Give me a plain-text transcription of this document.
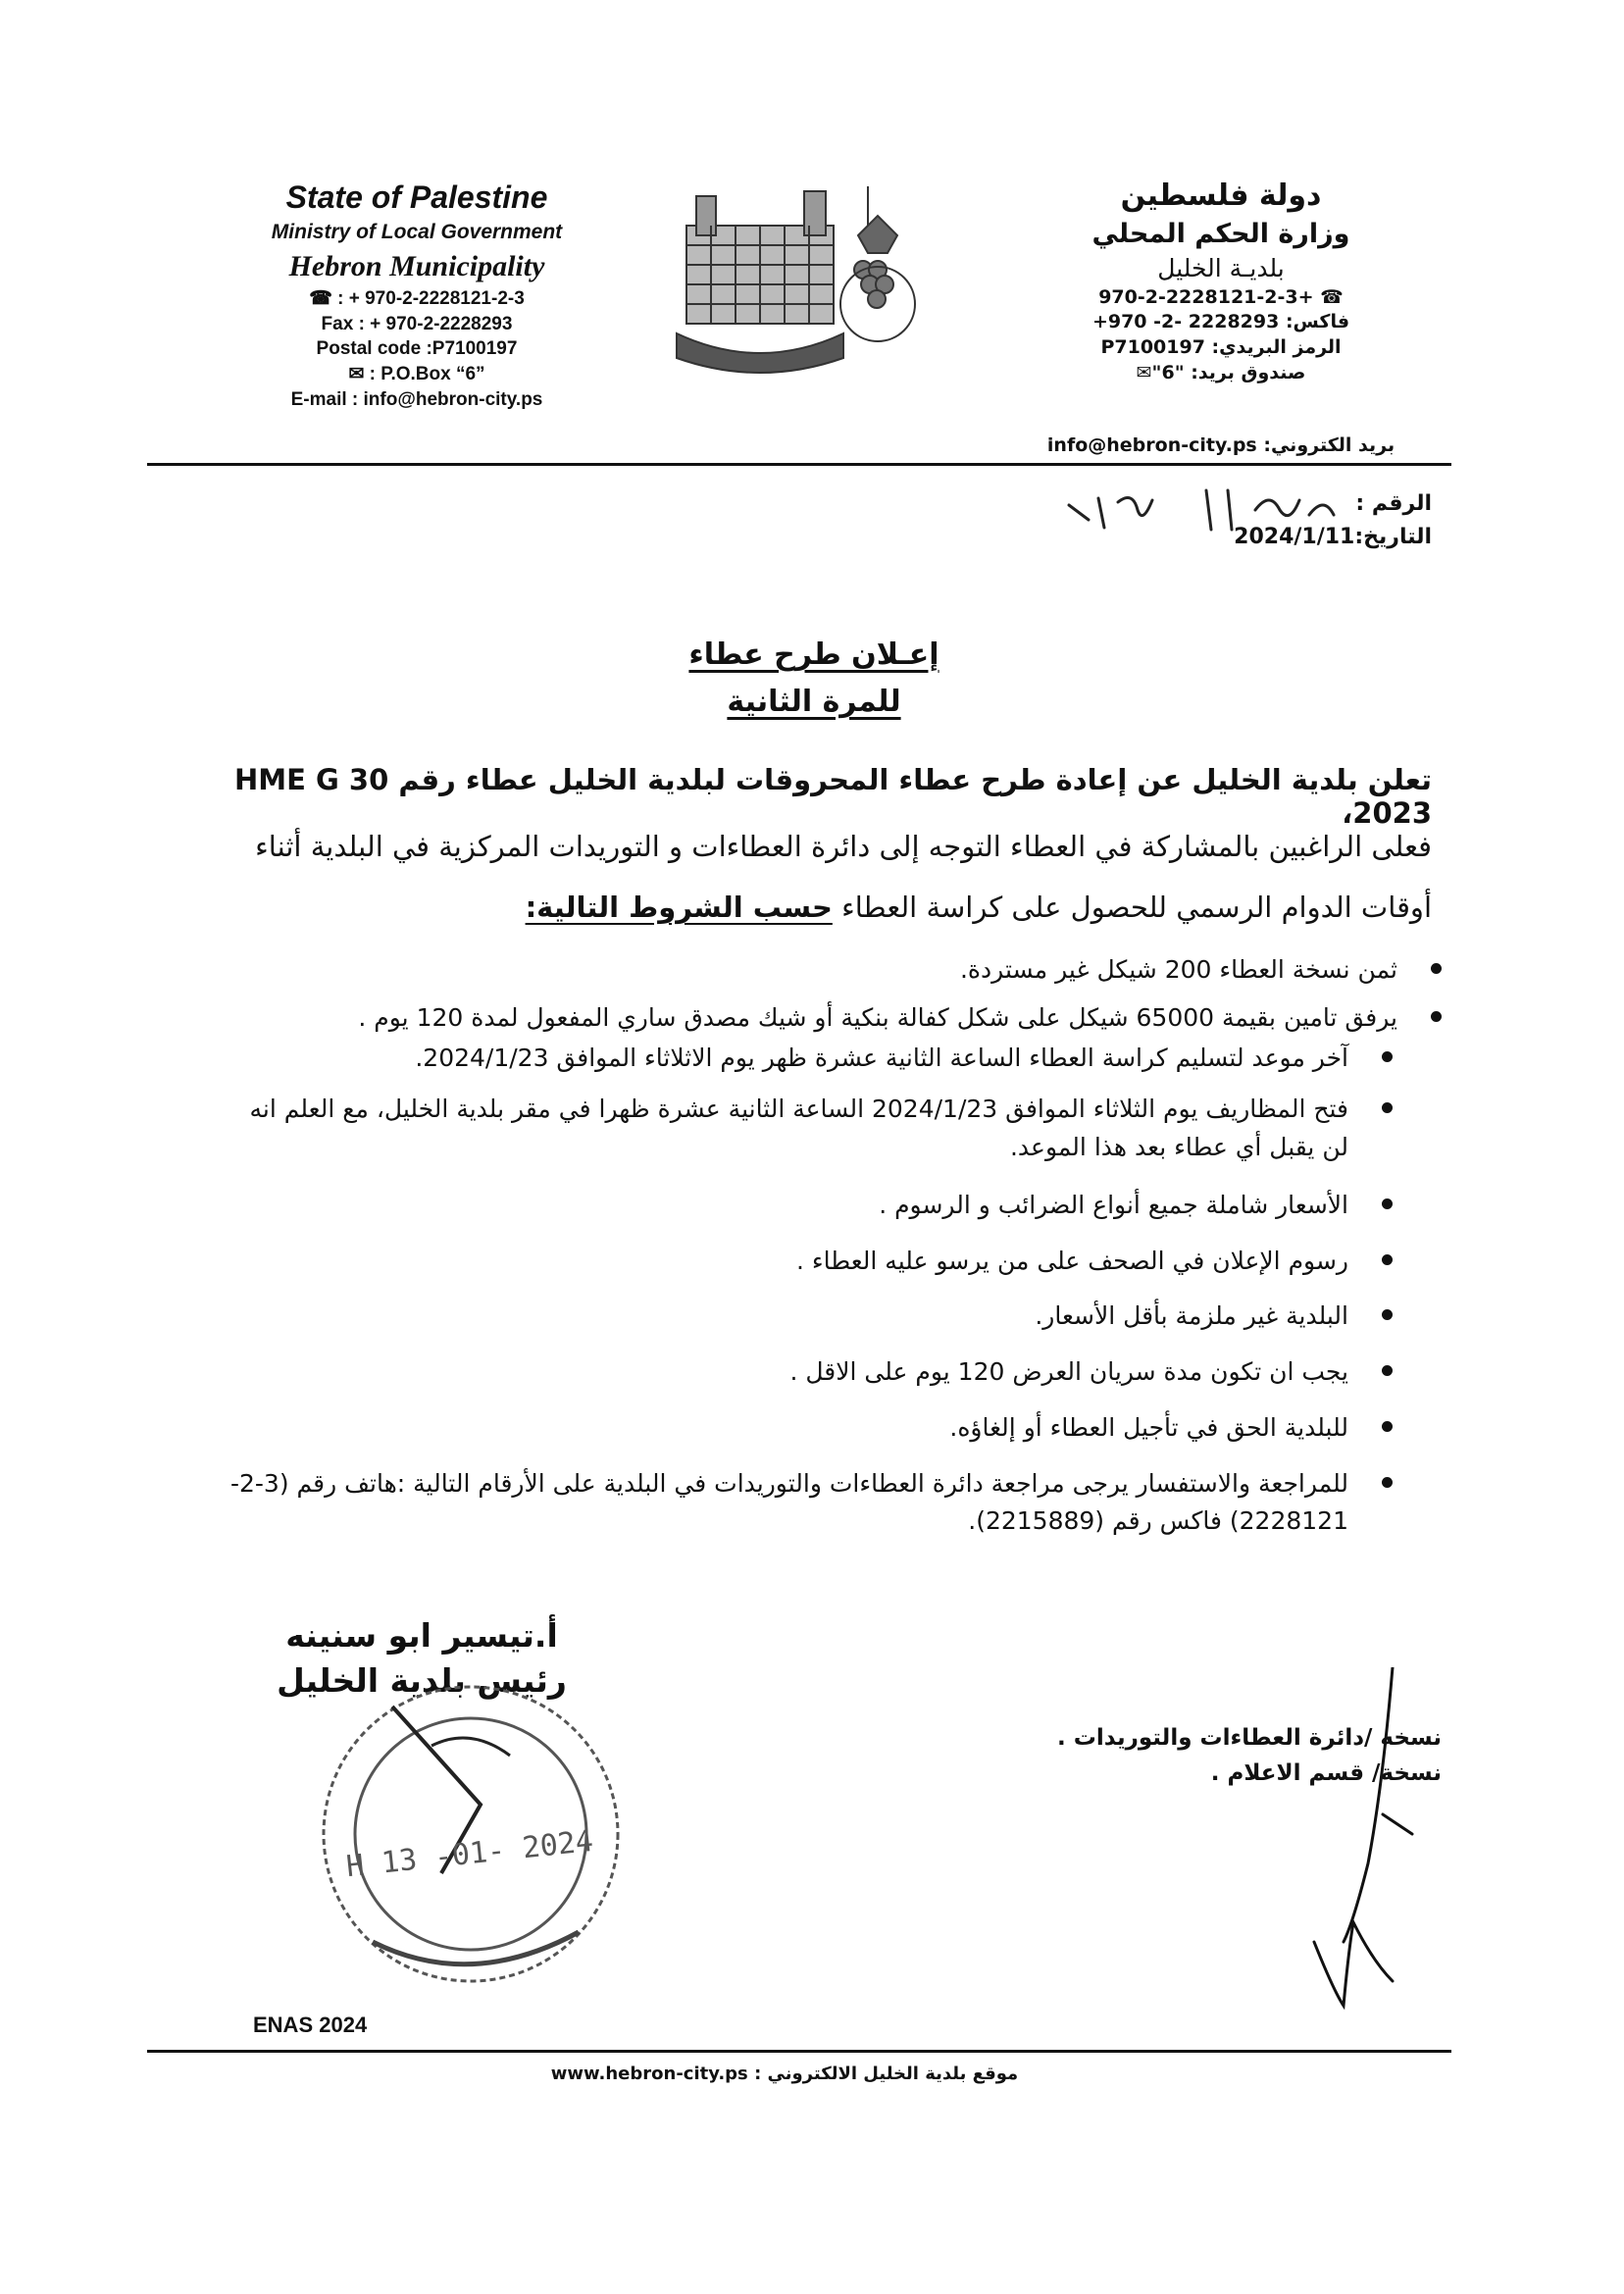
State of Palestine
Ministry of Local Government
Hebron Municipality
☎ : + 970-2-2228121-2-3
Fax : + 970-2-2228293
Postal code :P7100197
✉ : P.O.Box “6”
E-mail : info@hebron-city.ps
دولة فلسطين
وزارة الحكم المحلي
بلديـة الخليل
☎ +970-2-2228121-2-3
فاكس: 2228293 -2- 970+
الرمز البريدي: P7100197
صندوق بريد: "6"✉
بريد الكتروني: info@hebron-city.ps
الرقم :
التاريخ:2024/1/11
إعـلان طرح عطاء
للمرة الثانية
تعلن بلدية الخليل عن إعادة طرح عطاء المحروقات لبلدية الخليل عطاء رقم HME G 30 2023،
فعلى الراغبين بالمشاركة في العطاء التوجه إلى دائرة العطاءات و التوريدات المركزية في البلدية أثناء
أوقات الدوام الرسمي للحصول على كراسة العطاء حسب الشروط التالية:
ثمن نسخة العطاء 200 شيكل غير مستردة.
يرفق تامين بقيمة 65000 شيكل على شكل كفالة بنكية أو شيك مصدق ساري المفعول لمدة 120 يوم .
آخر موعد لتسليم كراسة العطاء الساعة الثانية عشرة ظهر يوم الاثلاثاء الموافق 2024/1/23.
فتح المظاريف يوم الثلاثاء الموافق 2024/1/23 الساعة الثانية عشرة ظهرا في مقر بلدية الخليل، مع العلم انه لن يقبل أي عطاء بعد هذا الموعد.
الأسعار شاملة جميع أنواع الضرائب و الرسوم .
رسوم الإعلان في الصحف على من يرسو عليه العطاء .
البلدية غير ملزمة بأقل الأسعار.
يجب ان تكون مدة سريان العرض 120 يوم على الاقل .
للبلدية الحق في تأجيل العطاء أو إلغاؤه.
للمراجعة والاستفسار يرجى مراجعة دائرة العطاءات والتوريدات في البلدية على الأرقام التالية :هاتف رقم (3-2-2228121) فاكس رقم (2215889).
أ.تيسير ابو سنينه
رئيس بلدية الخليل
H 13 -01- 2024
نسخه /دائرة العطاءات والتوريدات .
نسخة/ قسم الاعلام .
ENAS 2024
www.hebron-city.ps موقع بلدية الخليل الالكتروني :
